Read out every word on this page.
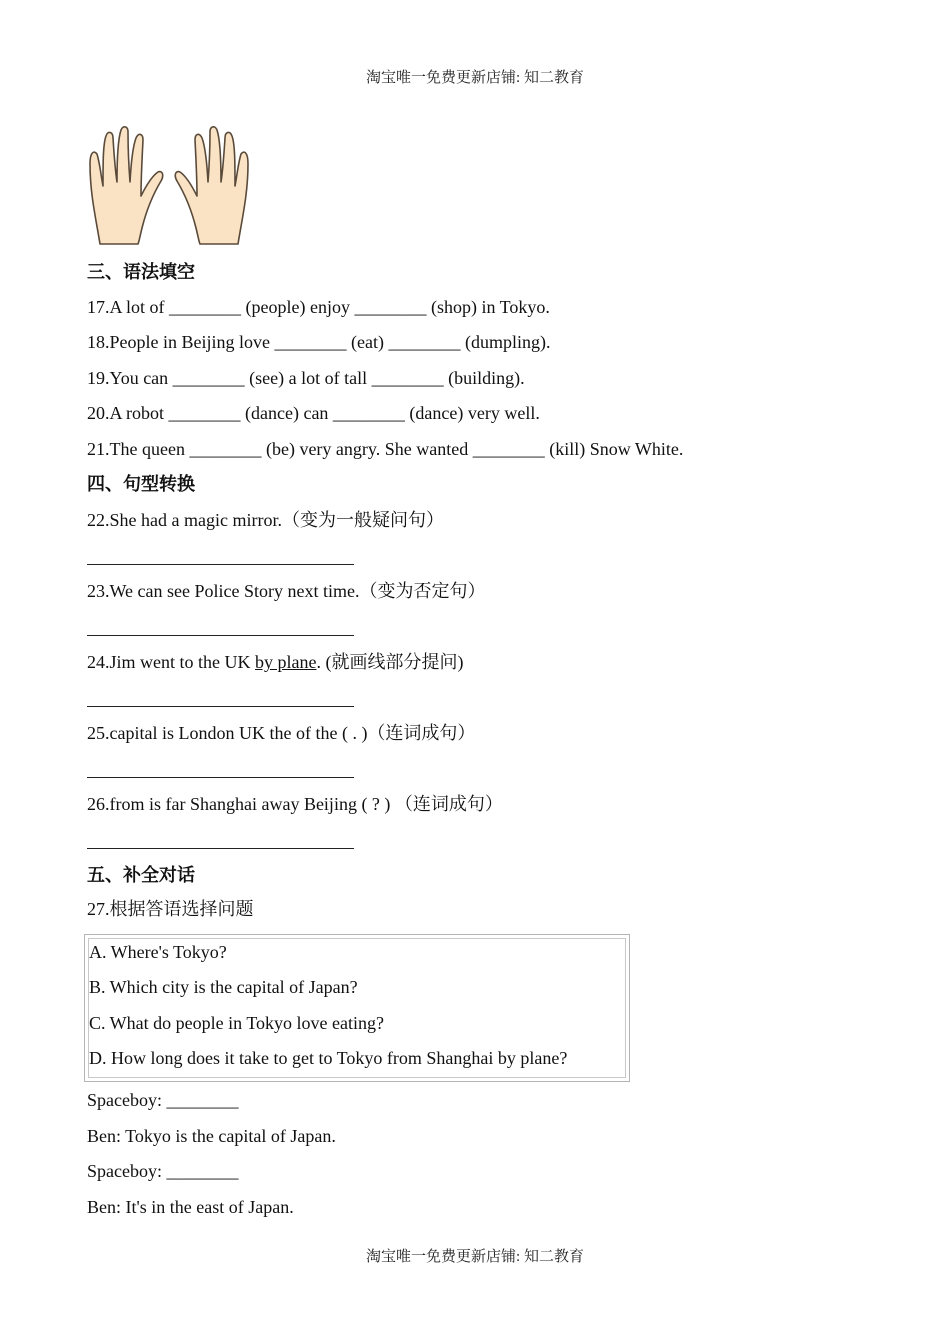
淘宝唯一免费更新店铺: 知二教育
三、语法填空
17.A lot of ________ (people) enjoy ________ (shop) in Tokyo.
18.People in Beijing love ________ (eat) ________ (dumpling).
19.You can ________ (see) a lot of tall ________ (building).
20.A robot ________ (dance) can ________ (dance) very well.
21.The queen ________ (be) very angry. She wanted ________ (kill) Snow White.
四、句型转换
22.She had a magic mirror.（变为一般疑问句）
23.We can see Police Story next time.（变为否定句）
24.Jim went to the UK by plane. (就画线部分提问)
25.capital is London UK the of the ( . )（连词成句）
26.from is far Shanghai away Beijing ( ? ) （连词成句）
五、补全对话
27.根据答语选择问题
A. Where's Tokyo?
B. Which city is the capital of Japan?
C. What do people in Tokyo love eating?
D. How long does it take to get to Tokyo from Shanghai by plane?
Spaceboy: ________
Ben: Tokyo is the capital of Japan.
Spaceboy: ________
Ben: It's in the east of Japan.
淘宝唯一免费更新店铺: 知二教育
